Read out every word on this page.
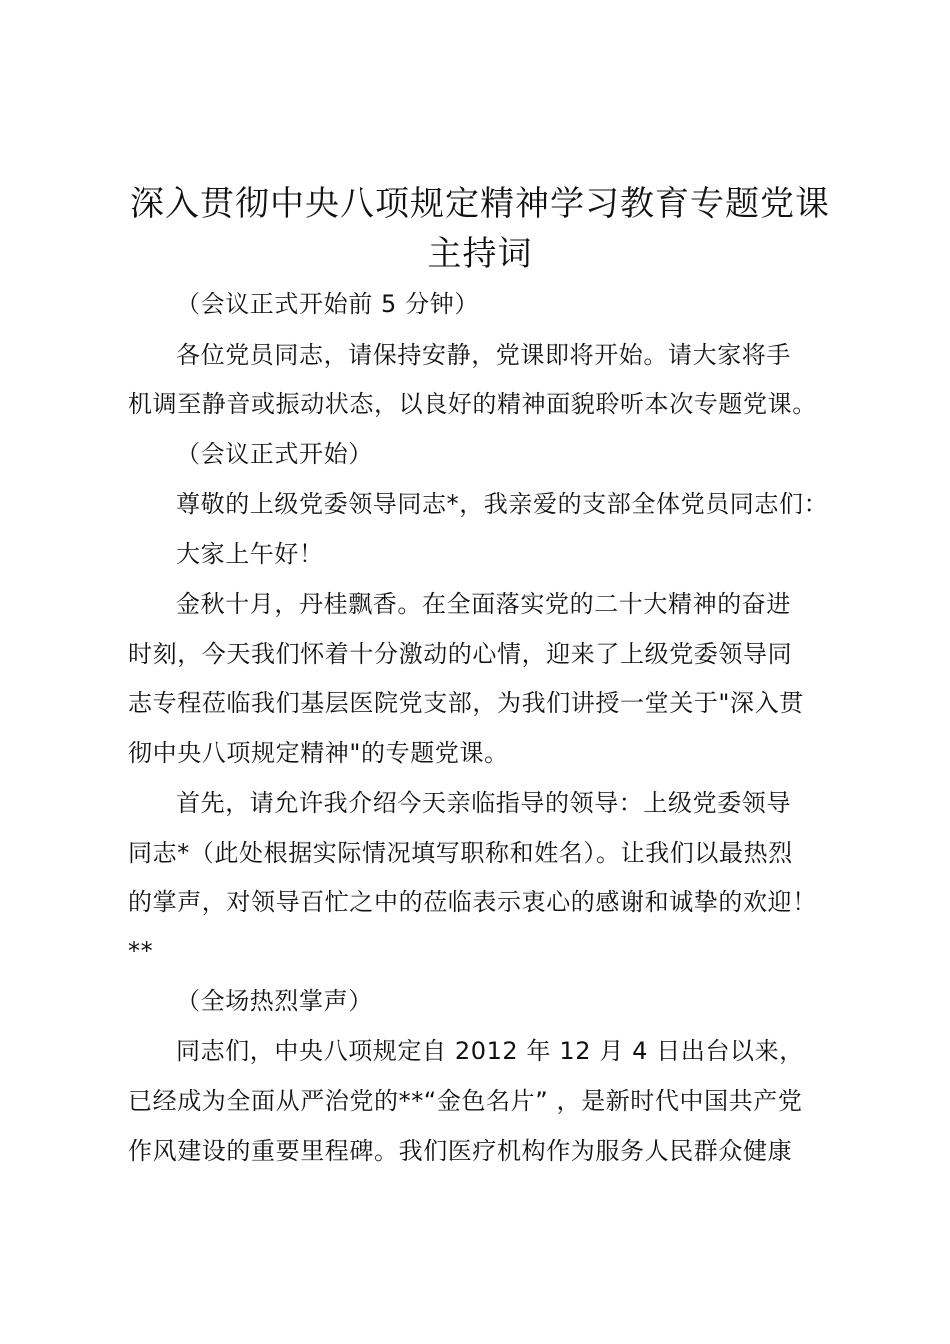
深入贯彻中央八项规定精神学习教育专题党课
主持词

（会议正式开始前 5 分钟）

各位党员同志，请保持安静，党课即将开始。请大家将手

机调至静音或振动状态，以良好的精神面貌聆听本次专题党课。

（会议正式开始）

尊敬的上级党委领导同志*，我亲爱的支部全体党员同志们：

大家上午好！

金秋十月，丹桂飘香。在全面落实党的二十大精神的奋进

时刻，今天我们怀着十分激动的心情，迎来了上级党委领导同

志专程莅临我们基层医院党支部，为我们讲授一堂关于"深入贯

彻中央八项规定精神"的专题党课。

首先，请允许我介绍今天亲临指导的领导：上级党委领导

同志*（此处根据实际情况填写职称和姓名）。让我们以最热烈

的掌声，对领导百忙之中的莅临表示衷心的感谢和诚挚的欢迎！

**

（全场热烈掌声）

同志们，中央八项规定自 2012 年 12 月 4 日出台以来，

已经成为全面从严治党的**“金色名片” ，是新时代中国共产党

作风建设的重要里程碑。我们医疗机构作为服务人民群众健康
